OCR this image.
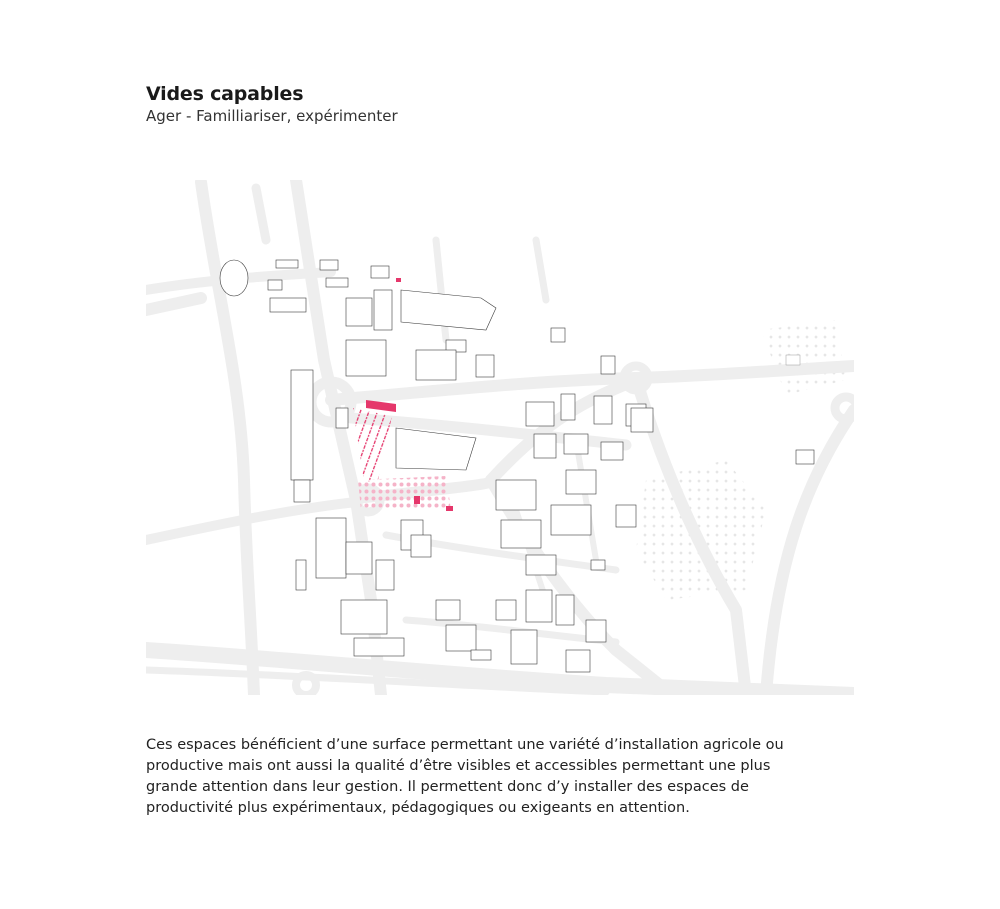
Vides capables
Ager - Familliariser, expérimenter

Ces espaces bénéficient d’une surface permettant une variété d’installation agricole ou productive mais ont aussi la qualité d’être visibles et accessibles permettant une plus grande attention dans leur gestion. Il permettent donc d’y installer des espaces de productivité plus expérimentaux, pédagogiques ou exigeants en attention.
